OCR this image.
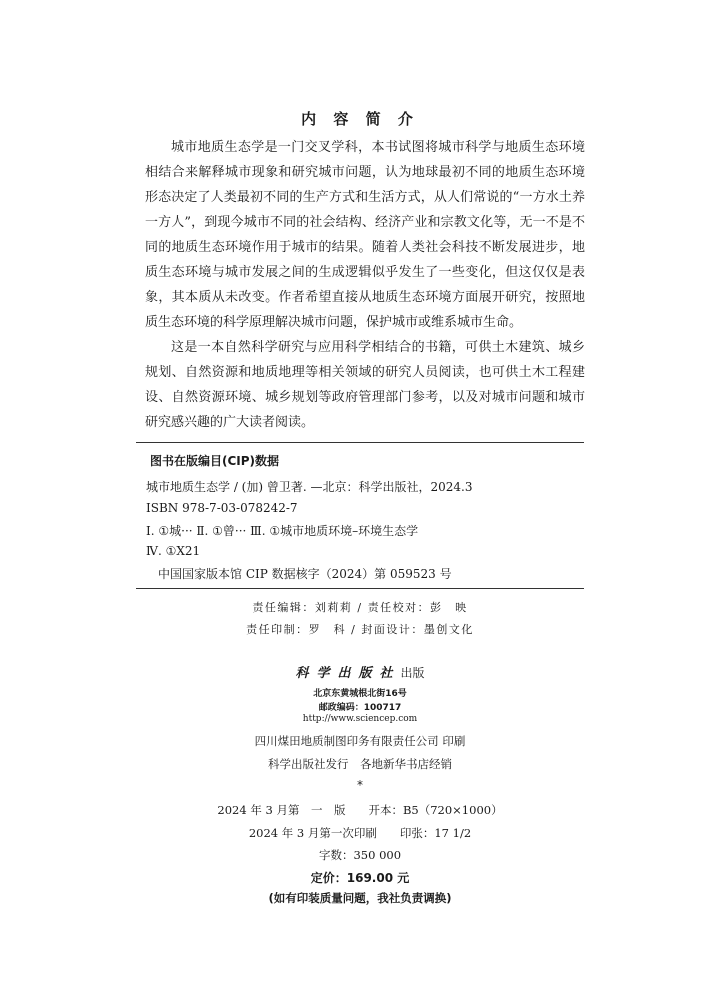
内 容 简 介

城市地质生态学是一门交叉学科，本书试图将城市科学与地质生态环境相结合来解释城市现象和研究城市问题，认为地球最初不同的地质生态环境形态决定了人类最初不同的生产方式和生活方式，从人们常说的“一方水土养一方人”，到现今城市不同的社会结构、经济产业和宗教文化等，无一不是不同的地质生态环境作用于城市的结果。随着人类社会科技不断发展进步，地质生态环境与城市发展之间的生成逻辑似乎发生了一些变化，但这仅仅是表象，其本质从未改变。作者希望直接从地质生态环境方面展开研究，按照地质生态环境的科学原理解决城市问题，保护城市或维系城市生命。

这是一本自然科学研究与应用科学相结合的书籍，可供土木建筑、城乡规划、自然资源和地质地理等相关领域的研究人员阅读，也可供土木工程建设、自然资源环境、城乡规划等政府管理部门参考，以及对城市问题和城市研究感兴趣的广大读者阅读。

图书在版编目(CIP)数据
城市地质生态学 / (加) 曾卫著. —北京：科学出版社，2024.3
ISBN 978-7-03-078242-7
Ⅰ. ①城··· Ⅱ. ①曾··· Ⅲ. ①城市地质环境–环境生态学
Ⅳ. ①X21
中国国家版本馆 CIP 数据核字（2024）第 059523 号
责任编辑：刘莉莉 / 责任校对：彭　映
责任印制：罗　科 / 封面设计：墨创文化
科学出版社出版
北京东黄城根北街16号
邮政编码：100717
http://www.sciencep.com
四川煤田地质制图印务有限责任公司 印刷
科学出版社发行　各地新华书店经销
*
2024 年 3 月第　一　版　　开本：B5（720×1000）
2024 年 3 月第一次印刷　　印张：17 1/2
字数：350 000
定价：169.00 元
(如有印装质量问题，我社负责调换)
